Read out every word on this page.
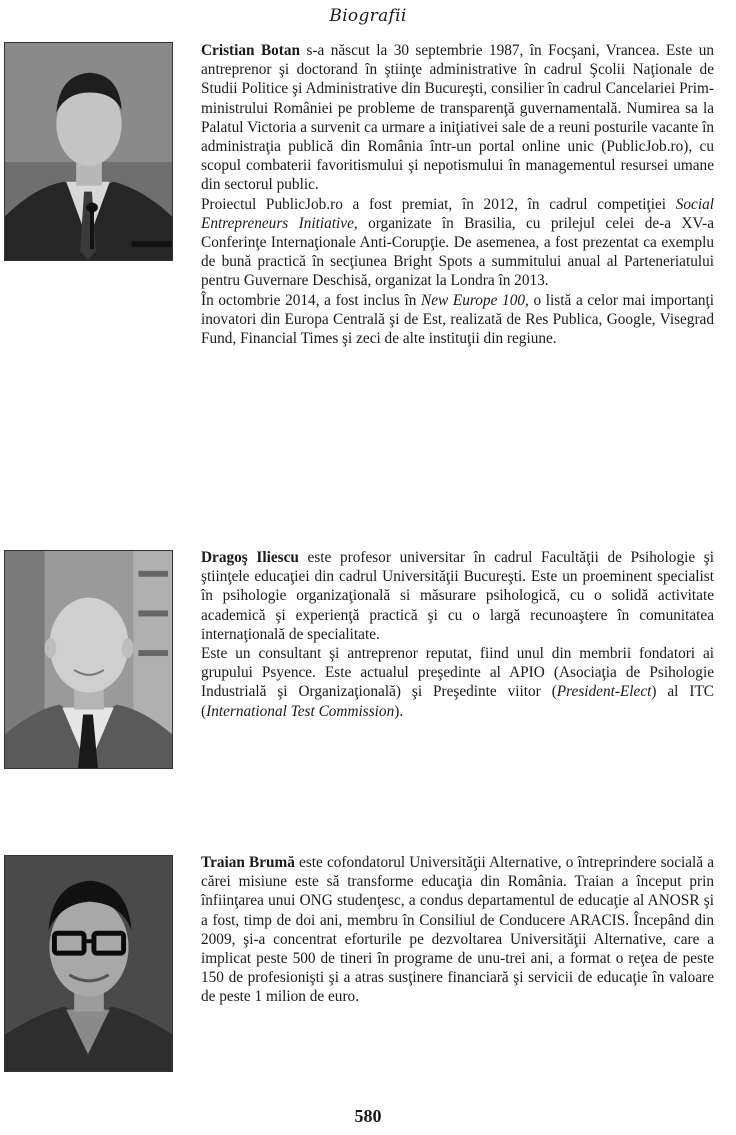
Biografii

Cristian Botan s-a născut la 30 septembrie 1987, în Focşani, Vrancea. Este un antreprenor şi doctorand în ştiinţe administrative în cadrul Şcolii Naţionale de Studii Politice şi Administrative din Bucureşti, consilier în cadrul Cancelariei Prim-ministrului României pe probleme de transparenţă guvernamentală. Numirea sa la Palatul Victoria a survenit ca urmare a iniţiativei sale de a reuni posturile vacante în administraţia publică din România într-un portal online unic (PublicJob.ro), cu scopul combaterii favoritismului şi nepotismului în managementul resursei umane din sectorul public.

Proiectul PublicJob.ro a fost premiat, în 2012, în cadrul competiţiei Social Entrepreneurs Initiative, organizate în Brasilia, cu prilejul celei de-a XV-a Conferinţe Internaţionale Anti-Corupţie. De asemenea, a fost prezentat ca exemplu de bună practică în secţiunea Bright Spots a summitului anual al Parteneriatului pentru Guvernare Deschisă, organizat la Londra în 2013.

În octombrie 2014, a fost inclus în New Europe 100, o listă a celor mai importanţi inovatori din Europa Centrală şi de Est, realizată de Res Publica, Google, Visegrad Fund, Financial Times şi zeci de alte instituţii din regiune.

Dragoş Iliescu este profesor universitar în cadrul Facultăţii de Psihologie şi ştiinţele educaţiei din cadrul Universităţii Bucureşti. Este un proeminent specialist în psihologie organizaţională si măsurare psihologică, cu o solidă activitate academică şi experienţă practică şi cu o largă recunoaştere în comunitatea internaţională de specialitate.

Este un consultant şi antreprenor reputat, fiind unul din membrii fondatori ai grupului Psyence. Este actualul preşedinte al APIO (Asociaţia de Psihologie Industrială şi Organizaţională) şi Preşedinte viitor (President-Elect) al ITC (International Test Commission).

Traian Brumă este cofondatorul Universităţii Alternative, o întreprindere socială a cărei misiune este să transforme educaţia din România. Traian a început prin înfiinţarea unui ONG studenţesc, a condus departamentul de educaţie al ANOSR şi a fost, timp de doi ani, membru în Consiliul de Conducere ARACIS. Începând din 2009, şi-a concentrat eforturile pe dezvoltarea Universităţii Alternative, care a implicat peste 500 de tineri în programe de unu-trei ani, a format o reţea de peste 150 de profesionişti şi a atras susţinere financiară şi servicii de educaţie în valoare de peste 1 milion de euro.

580
